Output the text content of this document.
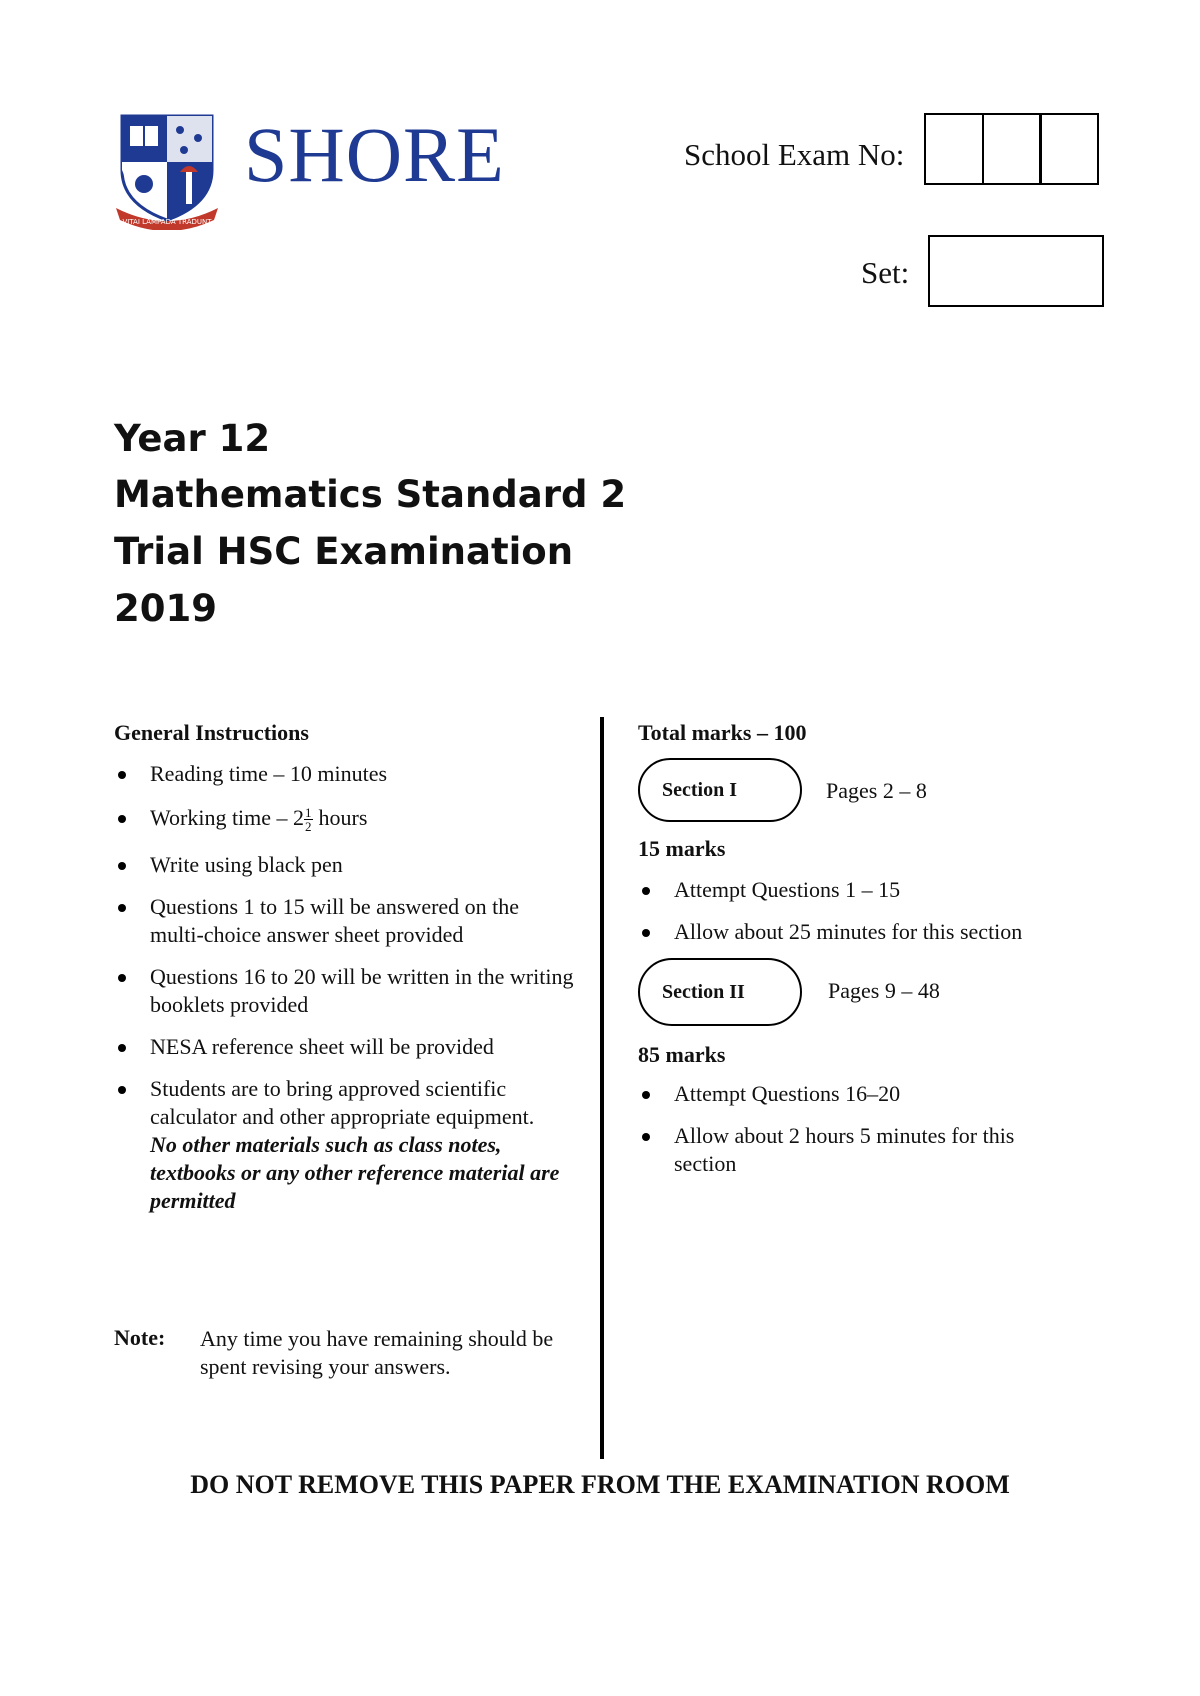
VITAI LAMPADA TRADUNT
SHORE	School Exam No:
Set:
Year 12
Mathematics Standard 2
Trial HSC Examination
2019
General Instructions
Reading time – 10 minutes
Working time – $2 \frac{1}{2}$ hours
Write using black pen
Questions 1 to 15 will be answered on the multi-choice answer sheet provided
Questions 16 to 20 will be written in the writing booklets provided
NESA reference sheet will be provided
Students are to bring approved scientific calculator and other appropriate equipment.
No other materials such as class notes, textbooks or any other reference material are permitted
Note: Any time you have remaining should be spent revising your answers.
Total marks – 100
Section I	Pages 2 – 8
15 marks
Attempt Questions 1 – 15
Allow about 25 minutes for this section
Section II	Pages 9 – 48
85 marks
Attempt Questions 16–20
Allow about 2 hours 5 minutes for this section
DO NOT REMOVE THIS PAPER FROM THE EXAMINATION ROOM
